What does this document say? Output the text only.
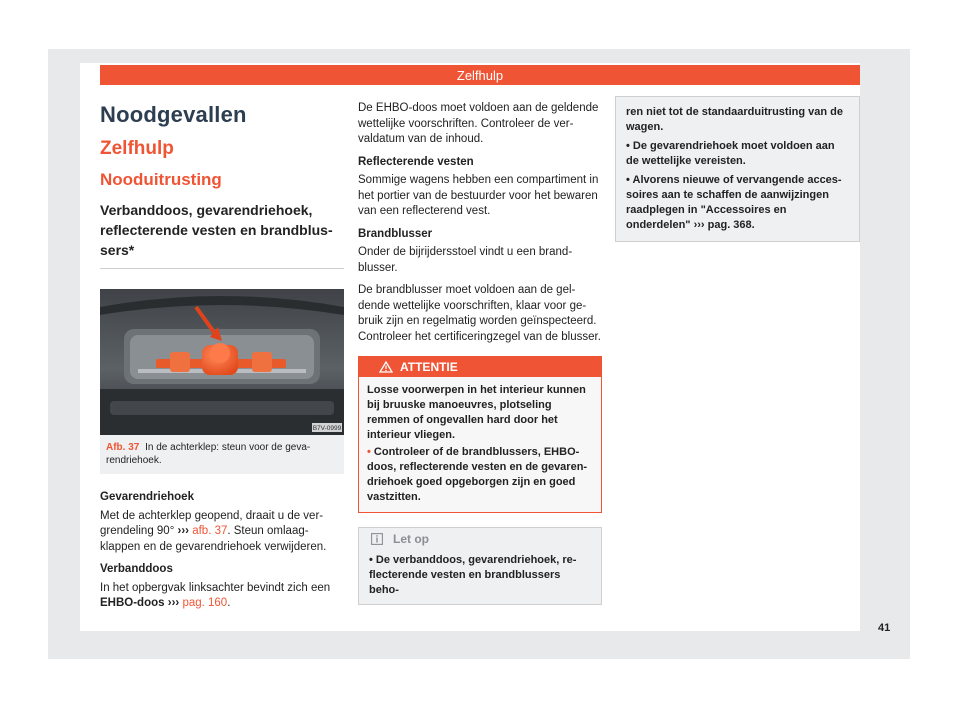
Zelfhulp
Noodgevallen
Zelfhulp
Nooduitrusting
Verbanddoos, gevarendriehoek, reflecterende vesten en brandblussers*
B7V-0999
Afb. 37 In de achterklep: steun voor de gevarendriehoek.
Gevarendriehoek

Met de achterklep geopend, draait u de vergrendeling 90° ››› afb. 37. Steun omlaagklappen en de gevarendriehoek verwijderen.

Verbanddoos

In het opbergvak linksachter bevindt zich een
EHBO-doos ››› pag. 160.

De EHBO-doos moet voldoen aan de geldende wettelijke voorschriften. Controleer de vervaldatum van de inhoud.

Reflecterende vesten

Sommige wagens hebben een compartiment in het portier van de bestuurder voor het bewaren van een reflecterend vest.

Brandblusser

Onder de bijrijdersstoel vindt u een brandblusser.

De brandblusser moet voldoen aan de geldende wettelijke voorschriften, klaar voor gebruik zijn en regelmatig worden geïnspecteerd. Controleer het certificeringzegel van de blusser.

ATTENTIE
Losse voorwerpen in het interieur kunnen bij bruuske manoeuvres, plotseling remmen of ongevallen hard door het interieur vliegen.
• Controleer of de brandblussers, EHBO-doos, reflecterende vesten en de gevarendriehoek goed opgeborgen zijn en goed vastzitten.
Let op
• De verbanddoos, gevarendriehoek, reflecterende vesten en brandblussers beho-
ren niet tot de standaarduitrusting van de wagen.
• De gevarendriehoek moet voldoen aan de wettelijke vereisten.
• Alvorens nieuwe of vervangende accessoires aan te schaffen de aanwijzingen raadplegen in "Accessoires en onderdelen" ››› pag. 368.
41
